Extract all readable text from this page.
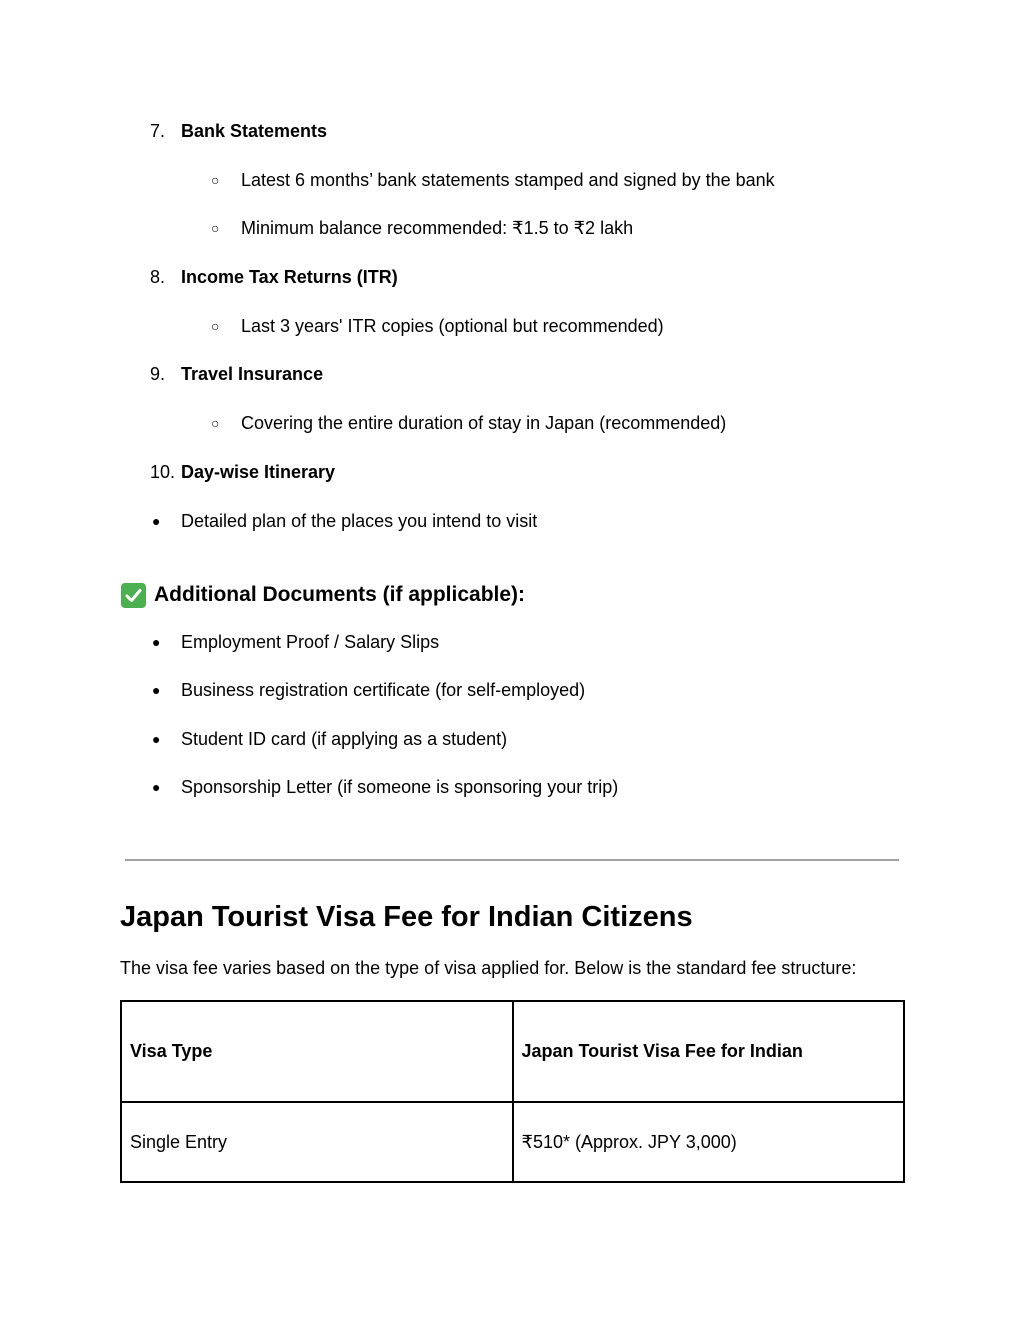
7. Bank Statements
○ Latest 6 months’ bank statements stamped and signed by the bank
○ Minimum balance recommended: ₹1.5 to ₹2 lakh
8. Income Tax Returns (ITR)
○ Last 3 years' ITR copies (optional but recommended)
9. Travel Insurance
○ Covering the entire duration of stay in Japan (recommended)
10. Day-wise Itinerary
● Detailed plan of the places you intend to visit
Additional Documents (if applicable):
● Employment Proof / Salary Slips
● Business registration certificate (for self-employed)
● Student ID card (if applying as a student)
● Sponsorship Letter (if someone is sponsoring your trip)
Japan Tourist Visa Fee for Indian Citizens
The visa fee varies based on the type of visa applied for. Below is the standard fee structure:
Visa Type	Japan Tourist Visa Fee for Indian
Single Entry	₹510* (Approx. JPY 3,000)
